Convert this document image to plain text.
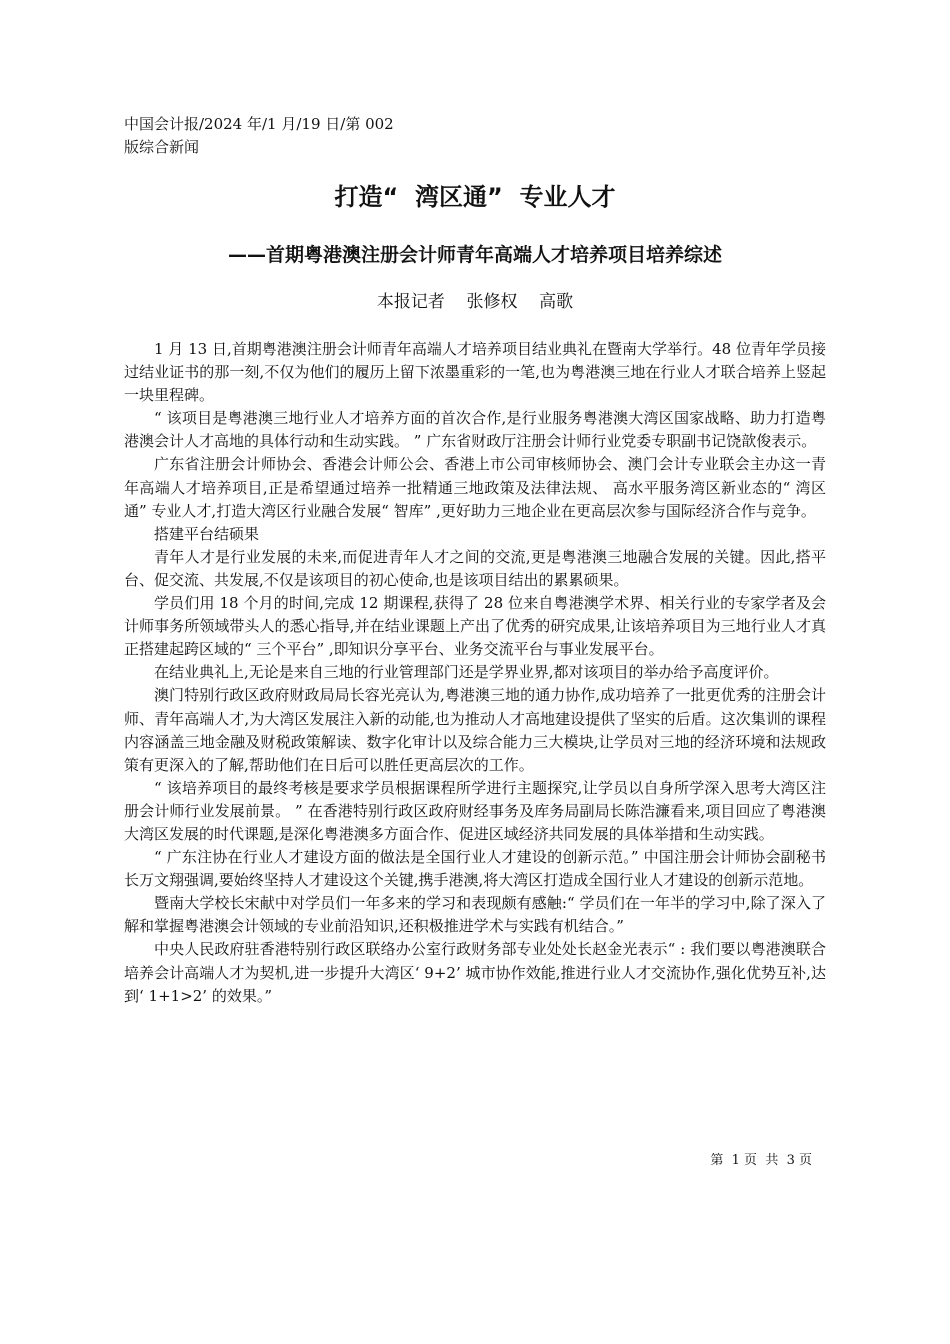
中国会计报/2024 年/1 月/19 日/第 002
版综合新闻
打造“  湾区通”  专业人才
——首期粤港澳注册会计师青年高端人才培养项目培养综述
本报记者    张修权    高歌

1 月 13 日,首期粤港澳注册会计师青年高端人才培养项目结业典礼在暨南大学举行。48 位青年学员接过结业证书的那一刻,不仅为他们的履历上留下浓墨重彩的一笔,也为粤港澳三地在行业人才联合培养上竖起一块里程碑。

“ 该项目是粤港澳三地行业人才培养方面的首次合作,是行业服务粤港澳大湾区国家战略、助力打造粤港澳会计人才高地的具体行动和生动实践。 ” 广东省财政厅注册会计师行业党委专职副书记饶歆俊表示。

广东省注册会计师协会、香港会计师公会、香港上市公司审核师协会、澳门会计专业联会主办这一青年高端人才培养项目,正是希望通过培养一批精通三地政策及法律法规、 高水平服务湾区新业态的“ 湾区通” 专业人才,打造大湾区行业融合发展“ 智库” ,更好助力三地企业在更高层次参与国际经济合作与竞争。

搭建平台结硕果

青年人才是行业发展的未来,而促进青年人才之间的交流,更是粤港澳三地融合发展的关键。因此,搭平台、促交流、共发展,不仅是该项目的初心使命,也是该项目结出的累累硕果。

学员们用 18 个月的时间,完成 12 期课程,获得了 28 位来自粤港澳学术界、相关行业的专家学者及会计师事务所领域带头人的悉心指导,并在结业课题上产出了优秀的研究成果,让该培养项目为三地行业人才真正搭建起跨区域的“ 三个平台” ,即知识分享平台、业务交流平台与事业发展平台。

在结业典礼上,无论是来自三地的行业管理部门还是学界业界,都对该项目的举办给予高度评价。

澳门特别行政区政府财政局局长容光亮认为,粤港澳三地的通力协作,成功培养了一批更优秀的注册会计师、青年高端人才,为大湾区发展注入新的动能,也为推动人才高地建设提供了坚实的后盾。这次集训的课程内容涵盖三地金融及财税政策解读、数字化审计以及综合能力三大模块,让学员对三地的经济环境和法规政策有更深入的了解,帮助他们在日后可以胜任更高层次的工作。

“ 该培养项目的最终考核是要求学员根据课程所学进行主题探究,让学员以自身所学深入思考大湾区注册会计师行业发展前景。 ” 在香港特别行政区政府财经事务及库务局副局长陈浩濂看来,项目回应了粤港澳大湾区发展的时代课题,是深化粤港澳多方面合作、促进区域经济共同发展的具体举措和生动实践。

“ 广东注协在行业人才建设方面的做法是全国行业人才建设的创新示范。” 中国注册会计师协会副秘书长万文翔强调,要始终坚持人才建设这个关键,携手港澳,将大湾区打造成全国行业人才建设的创新示范地。

暨南大学校长宋献中对学员们一年多来的学习和表现颇有感触:“ 学员们在一年半的学习中,除了深入了解和掌握粤港澳会计领域的专业前沿知识,还积极推进学术与实践有机结合。”

中央人民政府驻香港特别行政区联络办公室行政财务部专业处处长赵金光表示“ : 我们要以粤港澳联合培养会计高端人才为契机,进一步提升大湾区‘ 9+2’ 城市协作效能,推进行业人才交流协作,强化优势互补,达到‘ 1+1>2’ 的效果。”

第  1 页  共  3 页
